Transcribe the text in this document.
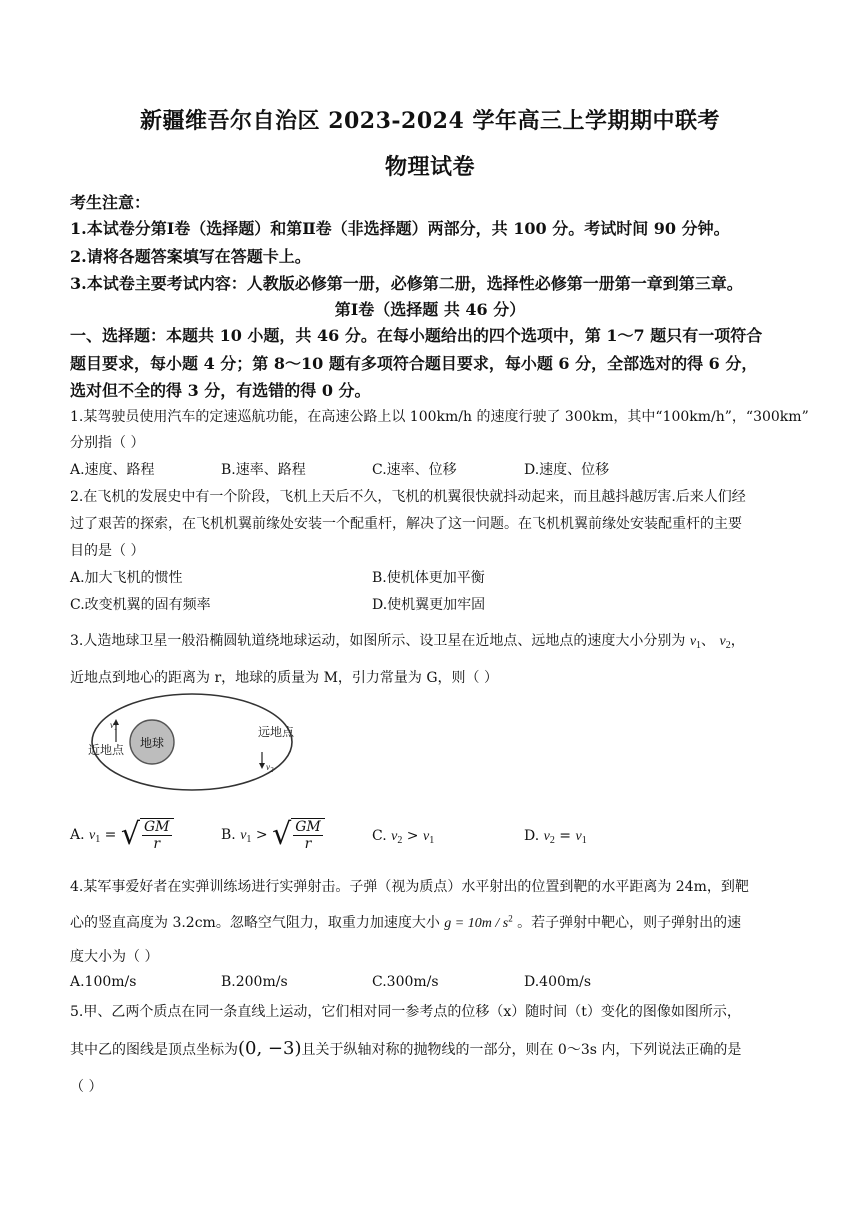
新疆维吾尔自治区 2023-2024 学年高三上学期期中联考
物理试卷
考生注意：
1.本试卷分第Ⅰ卷（选择题）和第Ⅱ卷（非选择题）两部分，共 100 分。考试时间 90 分钟。
2.请将各题答案填写在答题卡上。
3.本试卷主要考试内容：人教版必修第一册，必修第二册，选择性必修第一册第一章到第三章。
第Ⅰ卷（选择题 共 46 分）
一、选择题：本题共 10 小题，共 46 分。在每小题给出的四个选项中，第 1～7 题只有一项符合
题目要求，每小题 4 分；第 8～10 题有多项符合题目要求，每小题 6 分，全部选对的得 6 分，
选对但不全的得 3 分，有选错的得 0 分。
1.某驾驶员使用汽车的定速巡航功能，在高速公路上以 100km/h 的速度行驶了 300km，其中“100km/h”，“300km”
分别指（ ）
A.速度、路程	B.速率、路程	C.速率、位移	D.速度、位移
2.在飞机的发展史中有一个阶段，飞机上天后不久，飞机的机翼很快就抖动起来，而且越抖越厉害.后来人们经
过了艰苦的探索，在飞机机翼前缘处安装一个配重杆，解决了这一问题。在飞机机翼前缘处安装配重杆的主要
目的是（ ）
A.加大飞机的惯性	B.使机体更加平衡
C.改变机翼的固有频率	D.使机翼更加牢固
3.人造地球卫星一般沿椭圆轨道绕地球运动，如图所示、设卫星在近地点、远地点的速度大小分别为 $v_1$、 $v_2$，
近地点到地心的距离为 r，地球的质量为 M，引力常量为 G，则（ ）
地球
近地点
远地点
$v_1$
$v_2$
A. $v_1$ = √ $\frac{GM}{r}$	B. $v_1$ > √ $\frac{GM}{r}$	C. $v_2 > v_1$	D. $v_2 = v_1$
4.某军事爱好者在实弹训练场进行实弹射击。子弹（视为质点）水平射出的位置到靶的水平距离为 24m，到靶
心的竖直高度为 3.2cm。忽略空气阻力，取重力加速度大小 $g = 10m / s^2$ 。若子弹射中靶心，则子弹射出的速
度大小为（ ）
A.100m/s	B.200m/s	C.300m/s	D.400m/s
5.甲、乙两个质点在同一条直线上运动，它们相对同一参考点的位移（x）随时间（t）变化的图像如图所示，
其中乙的图线是顶点坐标为(0, −3)且关于纵轴对称的抛物线的一部分，则在 0～3s 内，下列说法正确的是
（ ）
